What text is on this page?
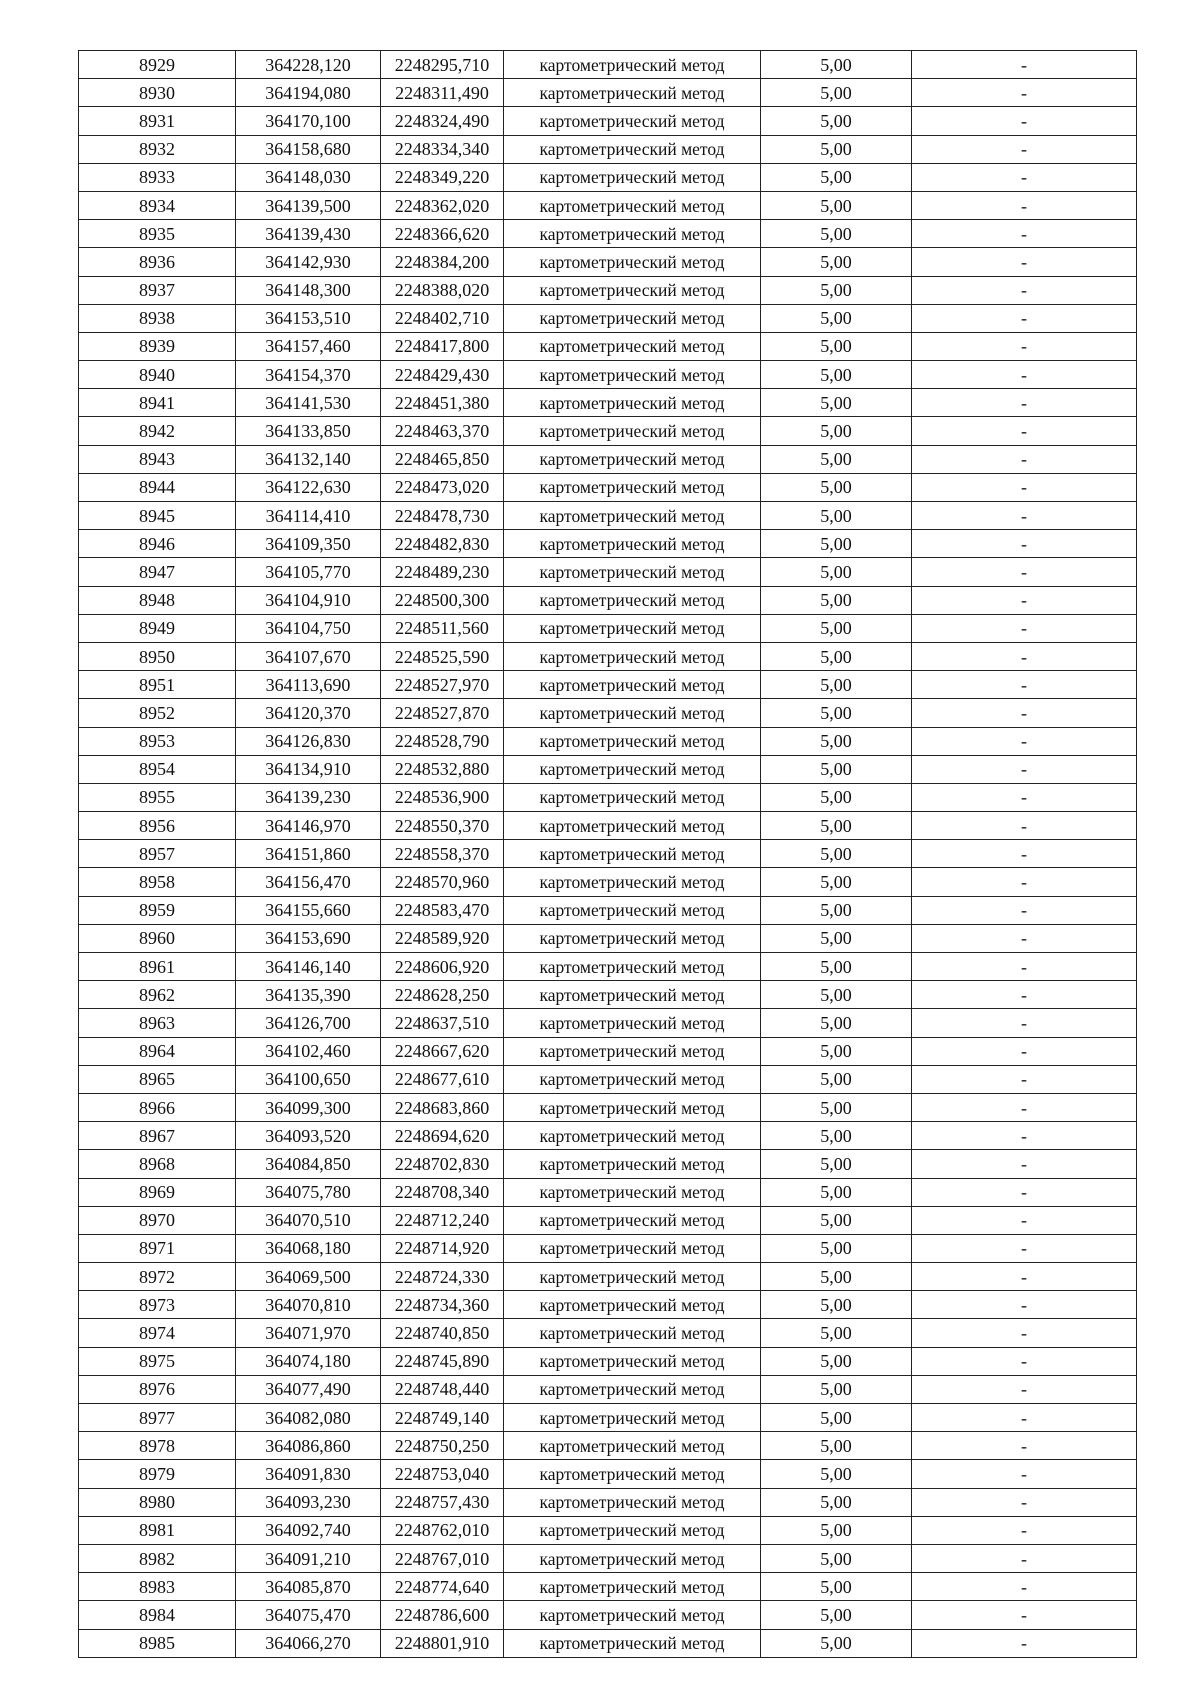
8929	364228,120	2248295,710	картометрический метод	5,00	-
8930	364194,080	2248311,490	картометрический метод	5,00	-
8931	364170,100	2248324,490	картометрический метод	5,00	-
8932	364158,680	2248334,340	картометрический метод	5,00	-
8933	364148,030	2248349,220	картометрический метод	5,00	-
8934	364139,500	2248362,020	картометрический метод	5,00	-
8935	364139,430	2248366,620	картометрический метод	5,00	-
8936	364142,930	2248384,200	картометрический метод	5,00	-
8937	364148,300	2248388,020	картометрический метод	5,00	-
8938	364153,510	2248402,710	картометрический метод	5,00	-
8939	364157,460	2248417,800	картометрический метод	5,00	-
8940	364154,370	2248429,430	картометрический метод	5,00	-
8941	364141,530	2248451,380	картометрический метод	5,00	-
8942	364133,850	2248463,370	картометрический метод	5,00	-
8943	364132,140	2248465,850	картометрический метод	5,00	-
8944	364122,630	2248473,020	картометрический метод	5,00	-
8945	364114,410	2248478,730	картометрический метод	5,00	-
8946	364109,350	2248482,830	картометрический метод	5,00	-
8947	364105,770	2248489,230	картометрический метод	5,00	-
8948	364104,910	2248500,300	картометрический метод	5,00	-
8949	364104,750	2248511,560	картометрический метод	5,00	-
8950	364107,670	2248525,590	картометрический метод	5,00	-
8951	364113,690	2248527,970	картометрический метод	5,00	-
8952	364120,370	2248527,870	картометрический метод	5,00	-
8953	364126,830	2248528,790	картометрический метод	5,00	-
8954	364134,910	2248532,880	картометрический метод	5,00	-
8955	364139,230	2248536,900	картометрический метод	5,00	-
8956	364146,970	2248550,370	картометрический метод	5,00	-
8957	364151,860	2248558,370	картометрический метод	5,00	-
8958	364156,470	2248570,960	картометрический метод	5,00	-
8959	364155,660	2248583,470	картометрический метод	5,00	-
8960	364153,690	2248589,920	картометрический метод	5,00	-
8961	364146,140	2248606,920	картометрический метод	5,00	-
8962	364135,390	2248628,250	картометрический метод	5,00	-
8963	364126,700	2248637,510	картометрический метод	5,00	-
8964	364102,460	2248667,620	картометрический метод	5,00	-
8965	364100,650	2248677,610	картометрический метод	5,00	-
8966	364099,300	2248683,860	картометрический метод	5,00	-
8967	364093,520	2248694,620	картометрический метод	5,00	-
8968	364084,850	2248702,830	картометрический метод	5,00	-
8969	364075,780	2248708,340	картометрический метод	5,00	-
8970	364070,510	2248712,240	картометрический метод	5,00	-
8971	364068,180	2248714,920	картометрический метод	5,00	-
8972	364069,500	2248724,330	картометрический метод	5,00	-
8973	364070,810	2248734,360	картометрический метод	5,00	-
8974	364071,970	2248740,850	картометрический метод	5,00	-
8975	364074,180	2248745,890	картометрический метод	5,00	-
8976	364077,490	2248748,440	картометрический метод	5,00	-
8977	364082,080	2248749,140	картометрический метод	5,00	-
8978	364086,860	2248750,250	картометрический метод	5,00	-
8979	364091,830	2248753,040	картометрический метод	5,00	-
8980	364093,230	2248757,430	картометрический метод	5,00	-
8981	364092,740	2248762,010	картометрический метод	5,00	-
8982	364091,210	2248767,010	картометрический метод	5,00	-
8983	364085,870	2248774,640	картометрический метод	5,00	-
8984	364075,470	2248786,600	картометрический метод	5,00	-
8985	364066,270	2248801,910	картометрический метод	5,00	-
